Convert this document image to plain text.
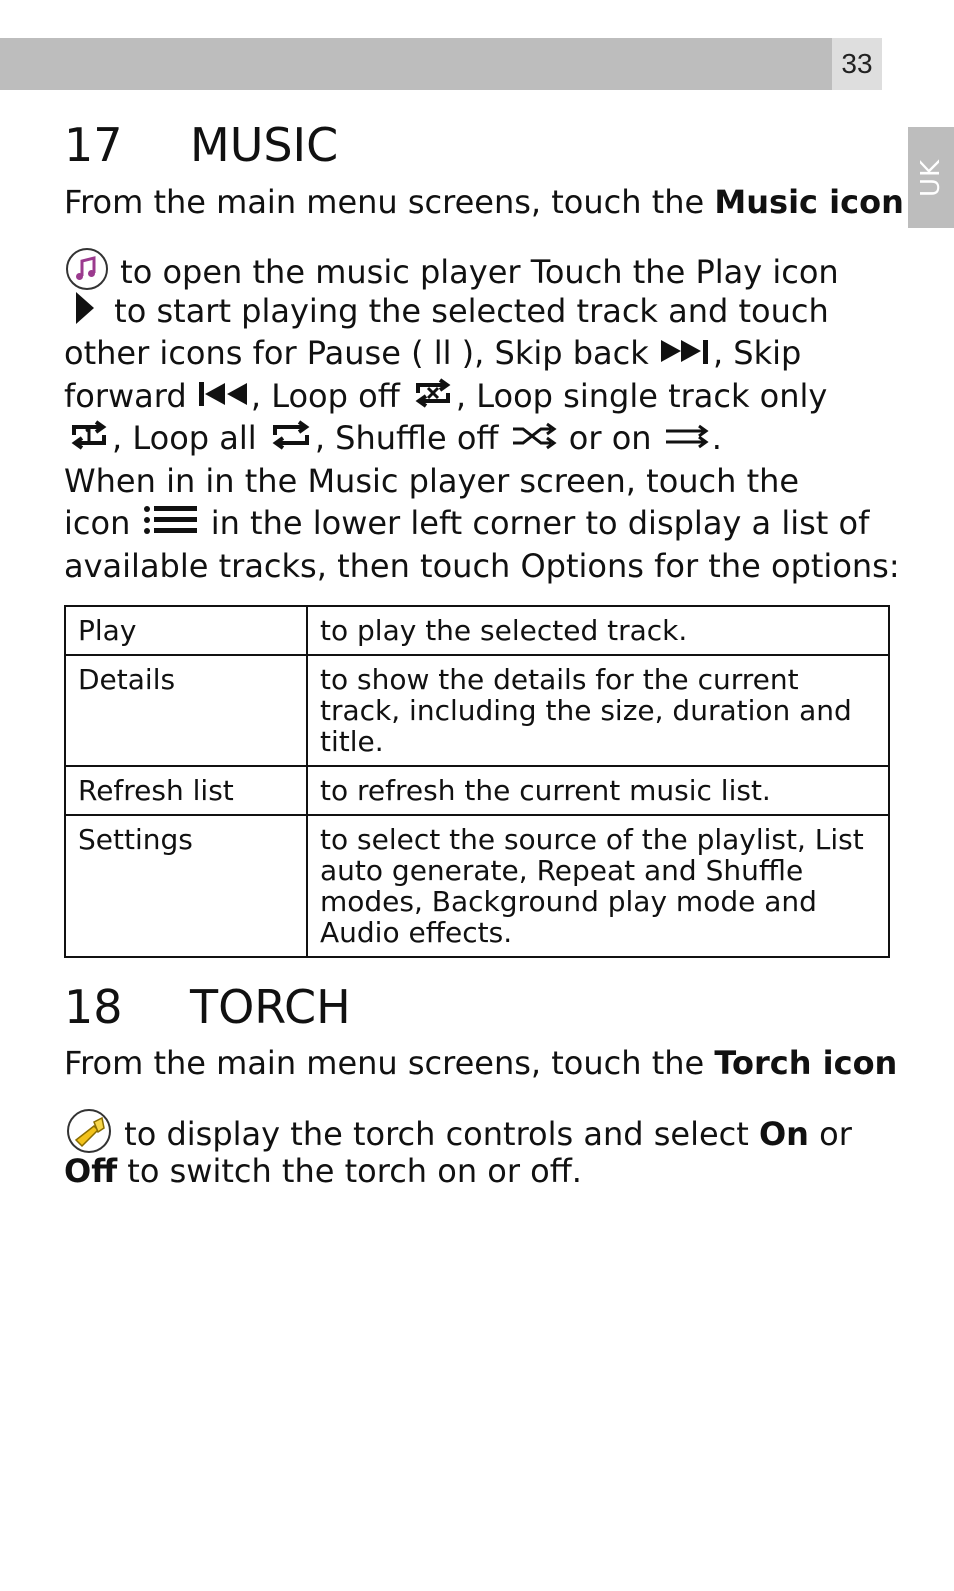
33
UK
17 MUSIC
From the main menu screens, touch the Music icon
to open the music player Touch the Play icon
to start playing the selected track and touch
other icons for Pause ( ll ), Skip back , Skip
forward , Loop off , Loop single track only
, Loop all , Shuffle off  or on .
When in in the Music player screen, touch the
icon  in the lower left corner to display a list of
available tracks, then touch Options for the options:
Play	to play the selected track.
Details	to show the details for the current track, including the size, duration and title.
Refresh list	to refresh the current music list.
Settings	to select the source of the playlist, List auto generate, Repeat and Shuffle modes, Background play mode and Audio effects.
18 TORCH
From the main menu screens, touch the Torch icon
to display the torch controls and select On or
Off to switch the torch on or off.
